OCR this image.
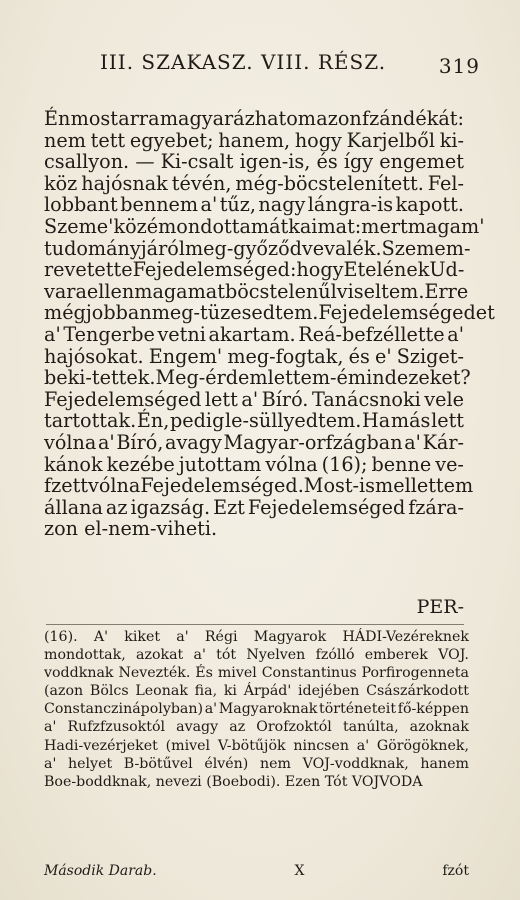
III. SZAKASZ. VIII. RÉSZ.	319
Én most arra magyarázhatom azon fzándékát:
nem tett egyebet; hanem, hogy Karjelből ki-
csallyon. — Ki-csalt igen-is, és így engemet
köz hajósnak tévén, még-böcstelenített. Fel-
lobbant bennem a' tűz, nagy lángra-is kapott.
Szeme' közé mondottam átkaimat: mert magam'
tudományjáról meg-győződve valék. Szemem-
re vetette Fejedelemséged: hogy Etelének Ud-
vara ellen magamat böcstelenűl viseltem. Erre
még jobban meg-tüzesedtem. Fejedelemségedet
a' Tengerbe vetni akartam. Reá-befzéllette a'
hajósokat. Engem' meg-fogtak, és e' Sziget-
be ki-tettek. Meg-érdemlettem-é mind ezeket?
Fejedelemséged lett a' Bíró. Tanácsnoki vele
tartottak. Én, pedig le-süllyedtem. Ha más lett
vólna a' Bíró, avagy Magyar-orfzágban a' Kár-
kánok kezébe jutottam vólna (16); benne ve-
fzett vólna Fejedelemséged. Most-is mellettem
állana az igazság. Ezt Fejedelemséged fzára-
zon el-nem-viheti.
PER-
(16). A' kiket a' Régi Magyarok HÁDI-Vezéreknek
mondottak, azokat a' tót Nyelven fzólló emberek VOJ.
voddknak Nevezték. És mivel Constantinus Porfirogenneta
(azon Bölcs Leonak fia, ki Árpád' idejében Császárkodott
Constanczinápolyban) a' Magyaroknak történeteit fő-képpen
a' Rufzfzusoktól avagy az Orofzoktól tanúlta, azoknak
Hadi-vezérjeket (mivel V-bötűjök nincsen a' Görögöknek,
a' helyet B-bötűvel élvén) nem VOJ-voddknak, hanem
Boe-boddknak, nevezi (Boebodi). Ezen Tót VOJVODA
Második Darab.	X	fzót
